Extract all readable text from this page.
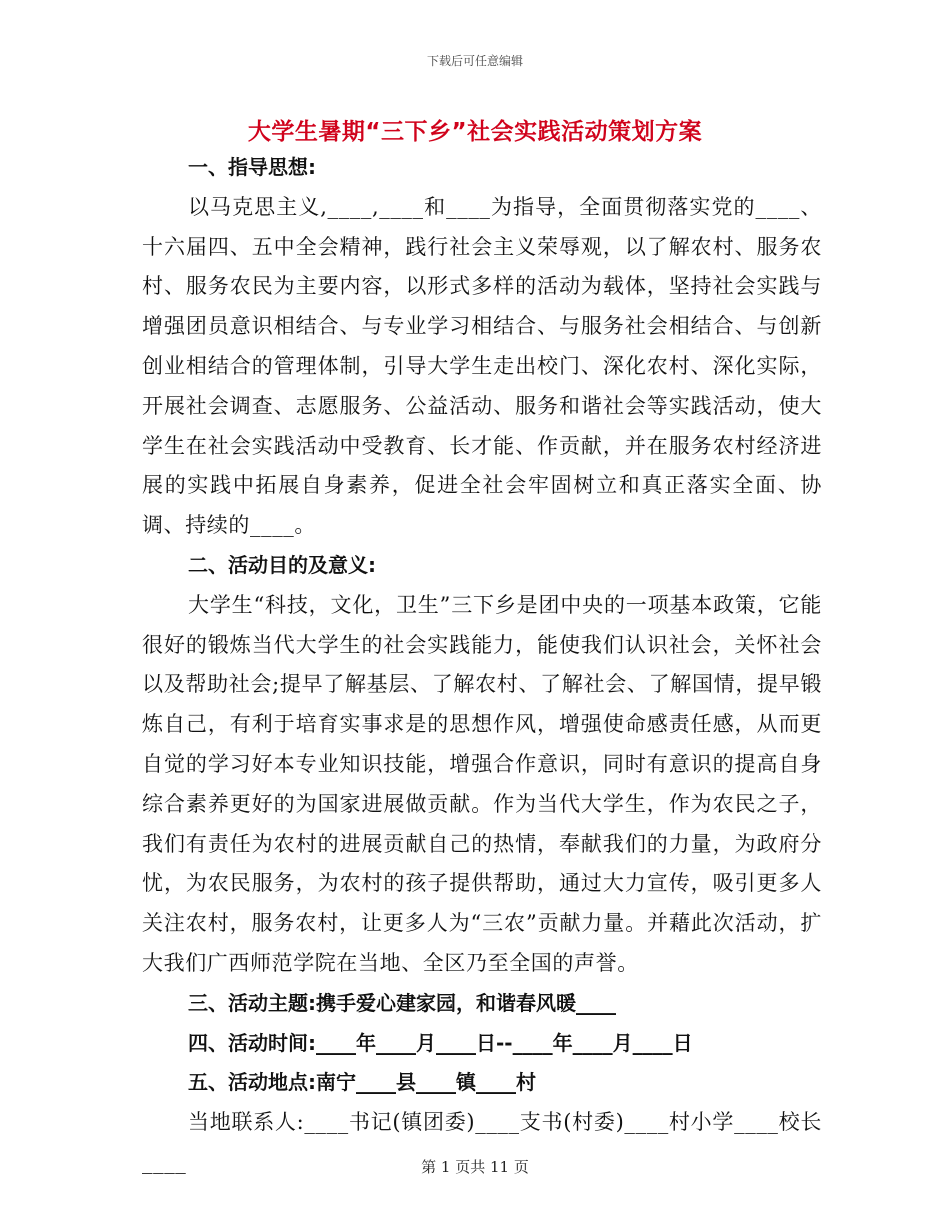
下载后可任意编辑
大学生暑期“三下乡”社会实践活动策划方案
一、指导思想:
以马克思主义,____,____和____为指导，全面贯彻落实党的____、十六届四、五中全会精神，践行社会主义荣辱观，以了解农村、服务农村、服务农民为主要内容，以形式多样的活动为载体，坚持社会实践与增强团员意识相结合、与专业学习相结合、与服务社会相结合、与创新创业相结合的管理体制，引导大学生走出校门、深化农村、深化实际，开展社会调查、志愿服务、公益活动、服务和谐社会等实践活动，使大学生在社会实践活动中受教育、长才能、作贡献，并在服务农村经济进展的实践中拓展自身素养，促进全社会牢固树立和真正落实全面、协调、持续的____。
二、活动目的及意义:
大学生“科技，文化，卫生”三下乡是团中央的一项基本政策，它能很好的锻炼当代大学生的社会实践能力，能使我们认识社会，关怀社会以及帮助社会;提早了解基层、了解农村、了解社会、了解国情，提早锻炼自己，有利于培育实事求是的思想作风，增强使命感责任感，从而更自觉的学习好本专业知识技能，增强合作意识，同时有意识的提高自身综合素养更好的为国家进展做贡献。作为当代大学生，作为农民之子，我们有责任为农村的进展贡献自己的热情，奉献我们的力量，为政府分忧，为农民服务，为农村的孩子提供帮助，通过大力宣传，吸引更多人关注农村，服务农村，让更多人为“三农”贡献力量。并藉此次活动，扩大我们广西师范学院在当地、全区乃至全国的声誉。
三、活动主题:携手爱心建家园，和谐春风暖____
四、活动时间:____年____月____日--____年____月____日
五、活动地点:南宁____县____镇____村
当地联系人:____书记(镇团委)____支书(村委)____村小学____校长____	第 1 页共 11 页
